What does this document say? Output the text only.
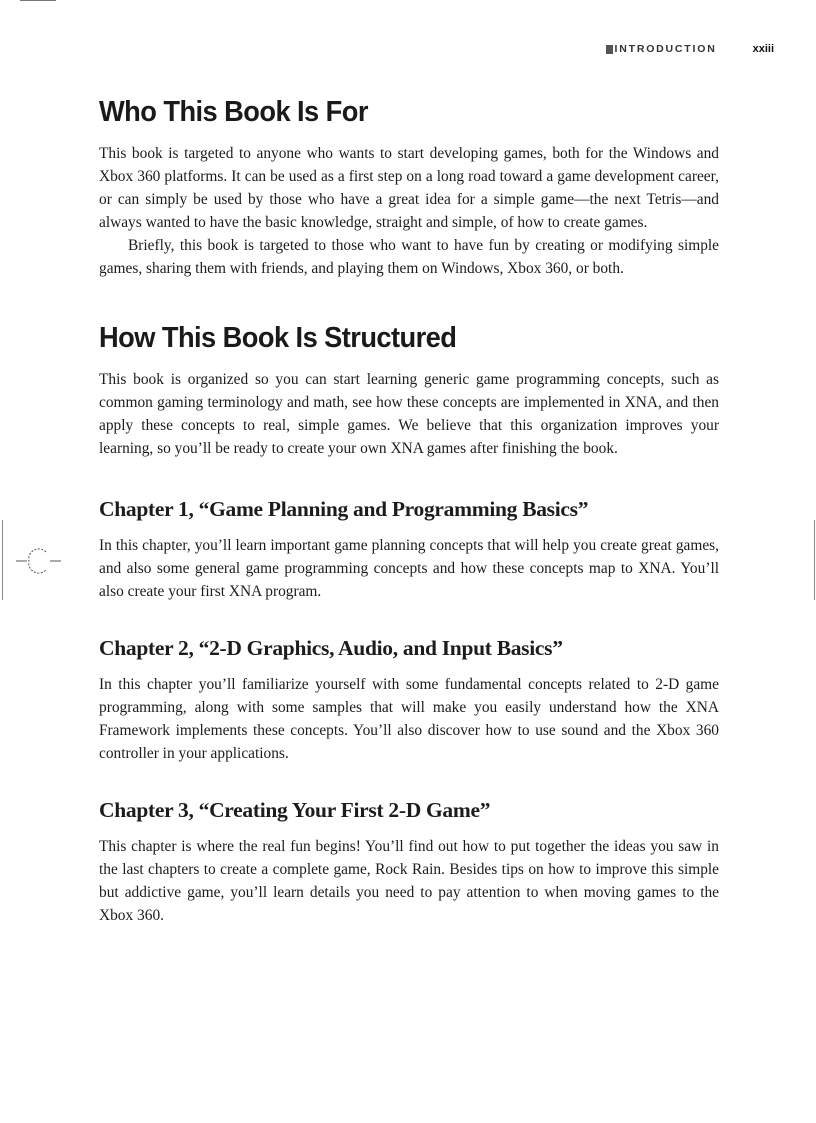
INTRODUCTION	xxiii
Who This Book Is For

This book is targeted to anyone who wants to start developing games, both for the Windows and Xbox 360 platforms. It can be used as a first step on a long road toward a game development career, or can simply be used by those who have a great idea for a simple game—the next Tetris—and always wanted to have the basic knowledge, straight and simple, of how to create games.

Briefly, this book is targeted to those who want to have fun by creating or modifying simple games, sharing them with friends, and playing them on Windows, Xbox 360, or both.

How This Book Is Structured

This book is organized so you can start learning generic game programming concepts, such as common gaming terminology and math, see how these concepts are implemented in XNA, and then apply these concepts to real, simple games. We believe that this organization improves your learning, so you’ll be ready to create your own XNA games after finishing the book.

Chapter 1, “Game Planning and Programming Basics”

In this chapter, you’ll learn important game planning concepts that will help you create great games, and also some general game programming concepts and how these concepts map to XNA. You’ll also create your first XNA program.

Chapter 2, “2-D Graphics, Audio, and Input Basics”

In this chapter you’ll familiarize yourself with some fundamental concepts related to 2-D game programming, along with some samples that will make you easily understand how the XNA Framework implements these concepts. You’ll also discover how to use sound and the Xbox 360 controller in your applications.

Chapter 3, “Creating Your First 2-D Game”

This chapter is where the real fun begins! You’ll find out how to put together the ideas you saw in the last chapters to create a complete game, Rock Rain. Besides tips on how to improve this simple but addictive game, you’ll learn details you need to pay attention to when moving games to the Xbox 360.
